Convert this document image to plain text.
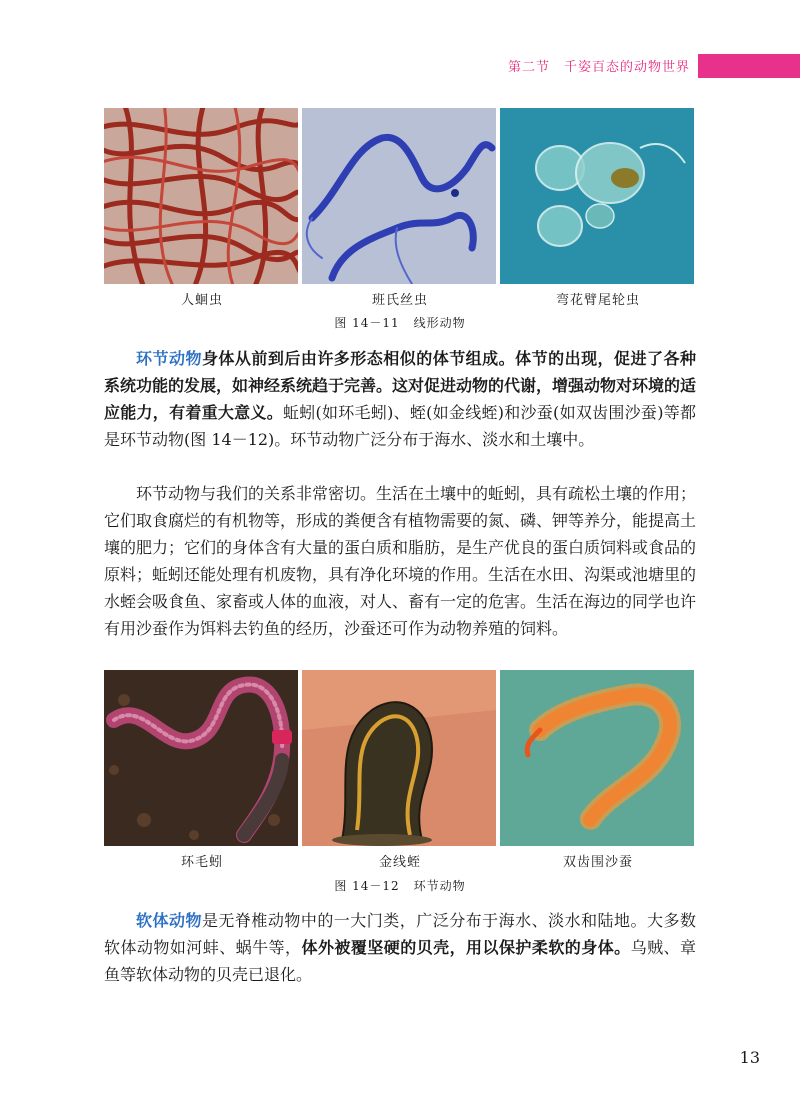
第二节　千姿百态的动物世界
人蛔虫	班氏丝虫	弯花臂尾轮虫
图 14－11 线形动物

环节动物身体从前到后由许多形态相似的体节组成。体节的出现，促进了各种系统功能的发展，如神经系统趋于完善。这对促进动物的代谢，增强动物对环境的适应能力，有着重大意义。蚯蚓(如环毛蚓)、蛭(如金线蛭)和沙蚕(如双齿围沙蚕)等都是环节动物(图 14－12)。环节动物广泛分布于海水、淡水和土壤中。

环节动物与我们的关系非常密切。生活在土壤中的蚯蚓，具有疏松土壤的作用；它们取食腐烂的有机物等，形成的粪便含有植物需要的氮、磷、钾等养分，能提高土壤的肥力；它们的身体含有大量的蛋白质和脂肪，是生产优良的蛋白质饲料或食品的原料；蚯蚓还能处理有机废物，具有净化环境的作用。生活在水田、沟渠或池塘里的水蛭会吸食鱼、家畜或人体的血液，对人、畜有一定的危害。生活在海边的同学也许有用沙蚕作为饵料去钓鱼的经历，沙蚕还可作为动物养殖的饲料。

环毛蚓	金线蛭	双齿围沙蚕
图 14－12 环节动物

软体动物是无脊椎动物中的一大门类，广泛分布于海水、淡水和陆地。大多数软体动物如河蚌、蜗牛等，体外被覆坚硬的贝壳，用以保护柔软的身体。乌贼、章鱼等软体动物的贝壳已退化。

13
